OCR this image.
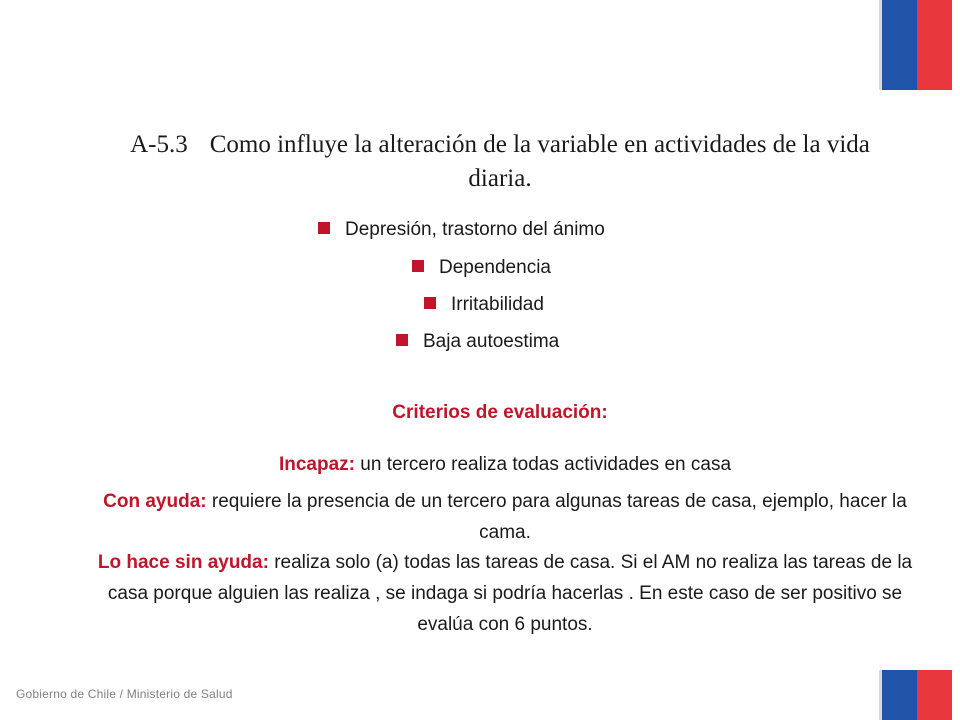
A-5.3 Como influye la alteración de la variable en actividades de la vida diaria.
Depresión, trastorno del ánimo
Dependencia
Irritabilidad
Baja autoestima
Criterios de evaluación:
Incapaz: un tercero realiza todas actividades en casa
Con ayuda: requiere la presencia de un tercero para algunas tareas de casa, ejemplo, hacer la cama.
Lo hace sin ayuda: realiza solo (a) todas las tareas de casa. Si el AM no realiza las tareas de la casa porque alguien las realiza , se indaga si podría hacerlas . En este caso de ser positivo se evalúa con 6 puntos.
Gobierno de Chile / Ministerio de Salud
